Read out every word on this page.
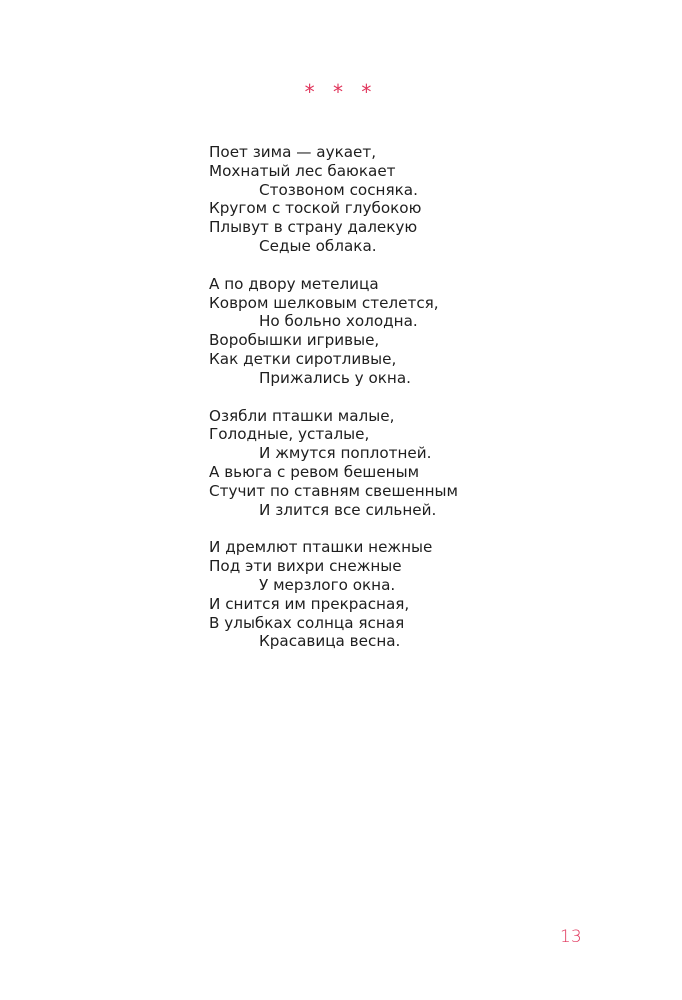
* * *
Поет зима — аукает,
Мохнатый лес баюкает
Стозвоном сосняка.
Кругом с тоской глубокою
Плывут в страну далекую
Седые облака.
А по двору метелица
Ковром шелковым стелется,
Но больно холодна.
Воробышки игривые,
Как детки сиротливые,
Прижались у окна.
Озябли пташки малые,
Голодные, усталые,
И жмутся поплотней.
А вьюга с ревом бешеным
Стучит по ставням свешенным
И злится все сильней.
И дремлют пташки нежные
Под эти вихри снежные
У мерзлого окна.
И снится им прекрасная,
В улыбках солнца ясная
Красавица весна.
13
